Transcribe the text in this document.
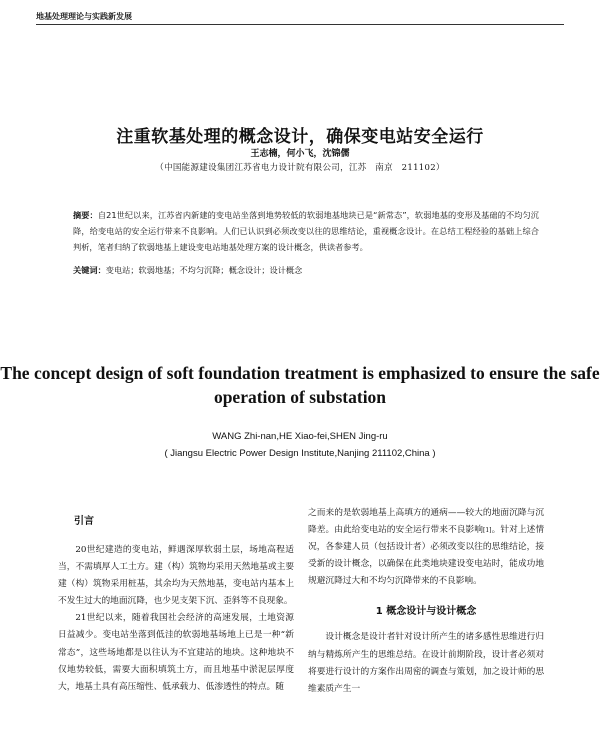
地基处理理论与实践新发展
注重软基处理的概念设计，确保变电站安全运行
王志楠，何小飞，沈锦儒
（中国能源建设集团江苏省电力设计院有限公司，江苏　南京　211102）
摘要：自21世纪以来，江苏省内新建的变电站坐落到地势较低的软弱地基地块已是“新常态”，软弱地基的变形及基础的不均匀沉降，给变电站的安全运行带来不良影响。人们已认识到必须改变以往的思维结论，重视概念设计。在总结工程经验的基础上综合判析，笔者归纳了软弱地基上建设变电站地基处理方案的设计概念，供读者参考。
关键词：变电站；软弱地基；不均匀沉降；概念设计；设计概念
The concept design of soft foundation treatment is emphasized to ensure the safe operation of substation
WANG Zhi-nan,HE Xiao-fei,SHEN Jing-ru
( Jiangsu Electric Power Design Institute,Nanjing 211102,China )
引言

20世纪建造的变电站，鲜遇深厚软弱土层，场地高程适当，不需填厚人工土方。建（构）筑物均采用天然地基或主要建（构）筑物采用桩基，其余均为天然地基，变电站内基本上不发生过大的地面沉降，也少见支架下沉、歪斜等不良现象。

21世纪以来，随着我国社会经济的高速发展，土地资源日益减少。变电站坐落到低洼的软弱地基场地上已是一种“新常态”，这些场地都是以往认为不宜建站的地块。这种地块不仅地势较低，需要大面积填筑土方，而且地基中淤泥层厚度大，地基土具有高压缩性、低承载力、低渗透性的特点。随

之而来的是软弱地基上高填方的通病——较大的地面沉降与沉降差。由此给变电站的安全运行带来不良影响[1]。针对上述情况，各参建人员（包括设计者）必须改变以往的思维结论，接受新的设计概念，以确保在此类地块建设变电站时，能成功地规避沉降过大和不均匀沉降带来的不良影响。

1 概念设计与设计概念

设计概念是设计者针对设计所产生的诸多感性思维进行归纳与精炼所产生的思维总结。在设计前期阶段，设计者必须对将要进行设计的方案作出周密的调查与策划，加之设计师的思维素质产生一
